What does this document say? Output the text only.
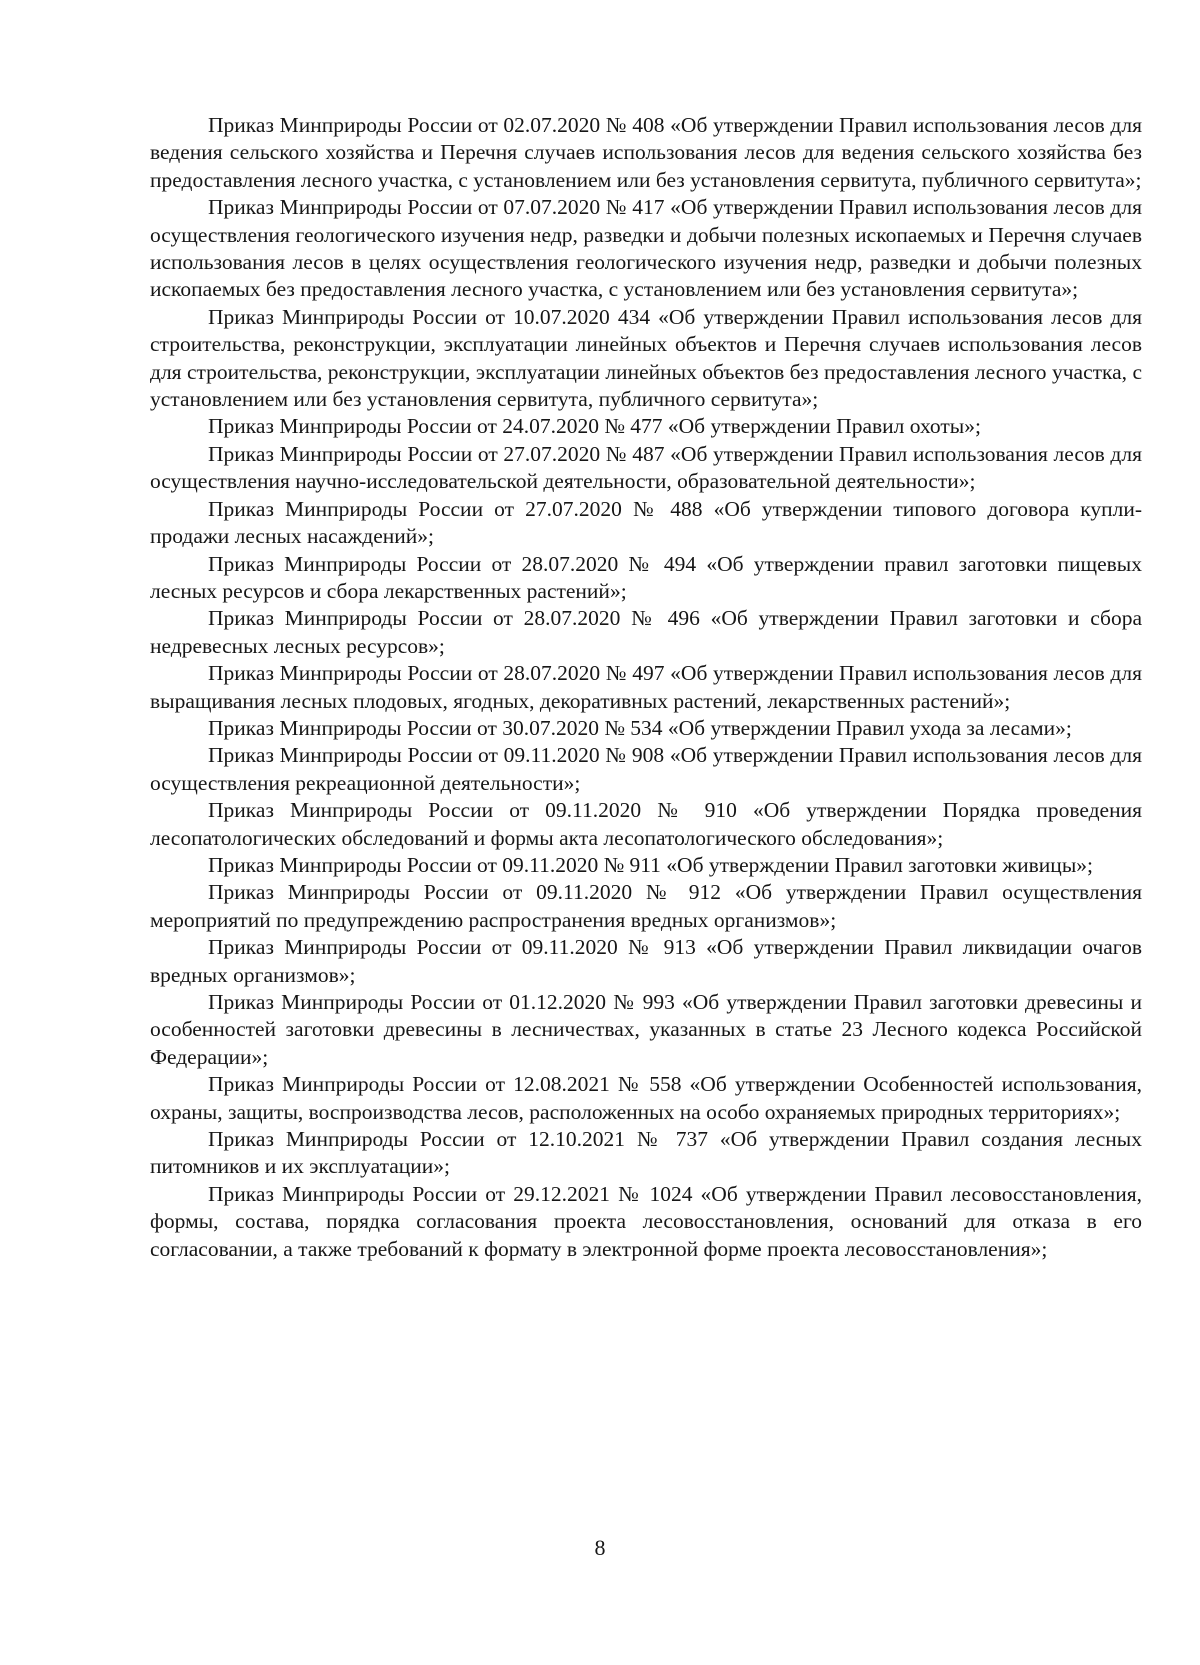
Приказ Минприроды России от 02.07.2020 № 408 «Об утверждении Правил использования лесов для ведения сельского хозяйства и Перечня случаев использования лесов для ведения сельского хозяйства без предоставления лесного участка, с установлением или без установления сервитута, публичного сервитута»;

Приказ Минприроды России от 07.07.2020 № 417 «Об утверждении Правил использования лесов для осуществления геологического изучения недр, разведки и добычи полезных ископаемых и Перечня случаев использования лесов в целях осуществления геологического изучения недр, разведки и добычи полезных ископаемых без предоставления лесного участка, с установлением или без установления сервитута»;

Приказ Минприроды России от 10.07.2020 434 «Об утверждении Правил использования лесов для строительства, реконструкции, эксплуатации линейных объектов и Перечня случаев использования лесов для строительства, реконструкции, эксплуатации линейных объектов без предоставления лесного участка, с установлением или без установления сервитута, публичного сервитута»;

Приказ Минприроды России от 24.07.2020 № 477 «Об утверждении Правил охоты»;

Приказ Минприроды России от 27.07.2020 № 487 «Об утверждении Правил использования лесов для осуществления научно-исследовательской деятельности, образовательной деятельности»;

Приказ Минприроды России от 27.07.2020 № 488 «Об утверждении типового договора купли-продажи лесных насаждений»;

Приказ Минприроды России от 28.07.2020 № 494 «Об утверждении правил заготовки пищевых лесных ресурсов и сбора лекарственных растений»;

Приказ Минприроды России от 28.07.2020 № 496 «Об утверждении Правил заготовки и сбора недревесных лесных ресурсов»;

Приказ Минприроды России от 28.07.2020 № 497 «Об утверждении Правил использования лесов для выращивания лесных плодовых, ягодных, декоративных растений, лекарственных растений»;

Приказ Минприроды России от 30.07.2020 № 534 «Об утверждении Правил ухода за лесами»;

Приказ Минприроды России от 09.11.2020 № 908 «Об утверждении Правил использования лесов для осуществления рекреационной деятельности»;

Приказ Минприроды России от 09.11.2020 № 910 «Об утверждении Порядка проведения лесопатологических обследований и формы акта лесопатологического обследования»;

Приказ Минприроды России от 09.11.2020 № 911 «Об утверждении Правил заготовки живицы»;

Приказ Минприроды России от 09.11.2020 № 912 «Об утверждении Правил осуществления мероприятий по предупреждению распространения вредных организмов»;

Приказ Минприроды России от 09.11.2020 № 913 «Об утверждении Правил ликвидации очагов вредных организмов»;

Приказ Минприроды России от 01.12.2020 № 993 «Об утверждении Правил заготовки древесины и особенностей заготовки древесины в лесничествах, указанных в статье 23 Лесного кодекса Российской Федерации»;

Приказ Минприроды России от 12.08.2021 № 558 «Об утверждении Особенностей использования, охраны, защиты, воспроизводства лесов, расположенных на особо охраняемых природных территориях»;

Приказ Минприроды России от 12.10.2021 № 737 «Об утверждении Правил создания лесных питомников и их эксплуатации»;

Приказ Минприроды России от 29.12.2021 № 1024 «Об утверждении Правил лесовосстановления, формы, состава, порядка согласования проекта лесовосстановления, оснований для отказа в его согласовании, а также требований к формату в электронной форме проекта лесовосстановления»;

8
